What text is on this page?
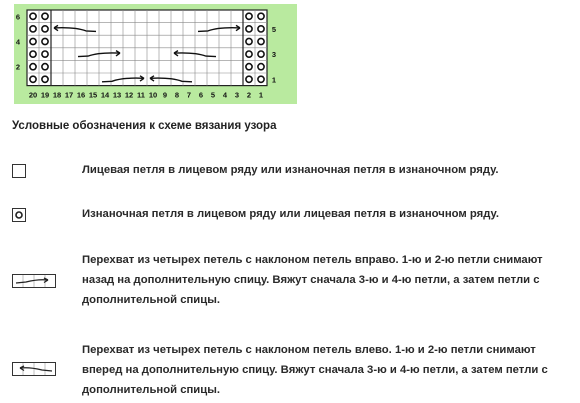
6
4
2
5
3
1
20 19 18 17 16 15 14 13 12 11 10 9 8 7 6 5 4 3 2 1
Условные обозначения к схеме вязания узора
Лицевая петля в лицевом ряду или изнаночная петля в изнаночном ряду.
Изнаночная петля в лицевом ряду или лицевая петля в изнаночном ряду.
Перехват из четырех петель с наклоном петель вправо. 1-ю и 2-ю петли снимают назад на дополнительную спицу. Вяжут сначала 3-ю и 4-ю петли, а затем петли с дополнительной спицы.
Перехват из четырех петель с наклоном петель влево. 1-ю и 2-ю петли снимают вперед на дополнительную спицу. Вяжут сначала 3-ю и 4-ю петли, а затем петли с дополнительной спицы.
